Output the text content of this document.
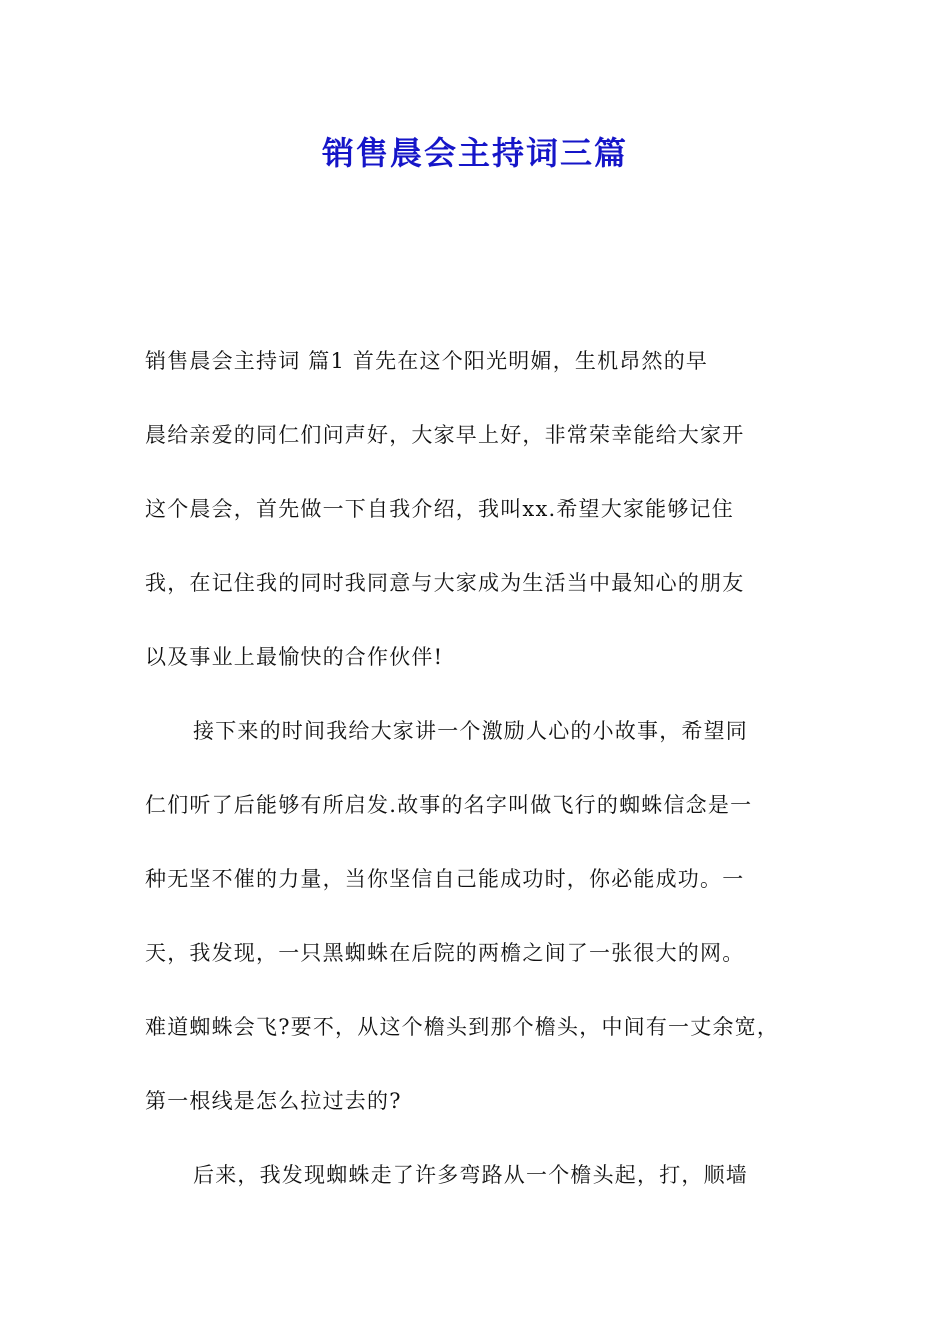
销售晨会主持词三篇
销售晨会主持词 篇1 首先在这个阳光明媚，生机昂然的早
晨给亲爱的同仁们问声好，大家早上好，非常荣幸能给大家开
这个晨会，首先做一下自我介绍，我叫xx.希望大家能够记住
我，在记住我的同时我同意与大家成为生活当中最知心的朋友
以及事业上最愉快的合作伙伴!
接下来的时间我给大家讲一个激励人心的小故事，希望同
仁们听了后能够有所启发.故事的名字叫做飞行的蜘蛛信念是一
种无坚不催的力量，当你坚信自己能成功时，你必能成功。一
天，我发现，一只黑蜘蛛在后院的两檐之间了一张很大的网。
难道蜘蛛会飞?要不，从这个檐头到那个檐头，中间有一丈余宽，
第一根线是怎么拉过去的?
后来，我发现蜘蛛走了许多弯路从一个檐头起，打，顺墙
